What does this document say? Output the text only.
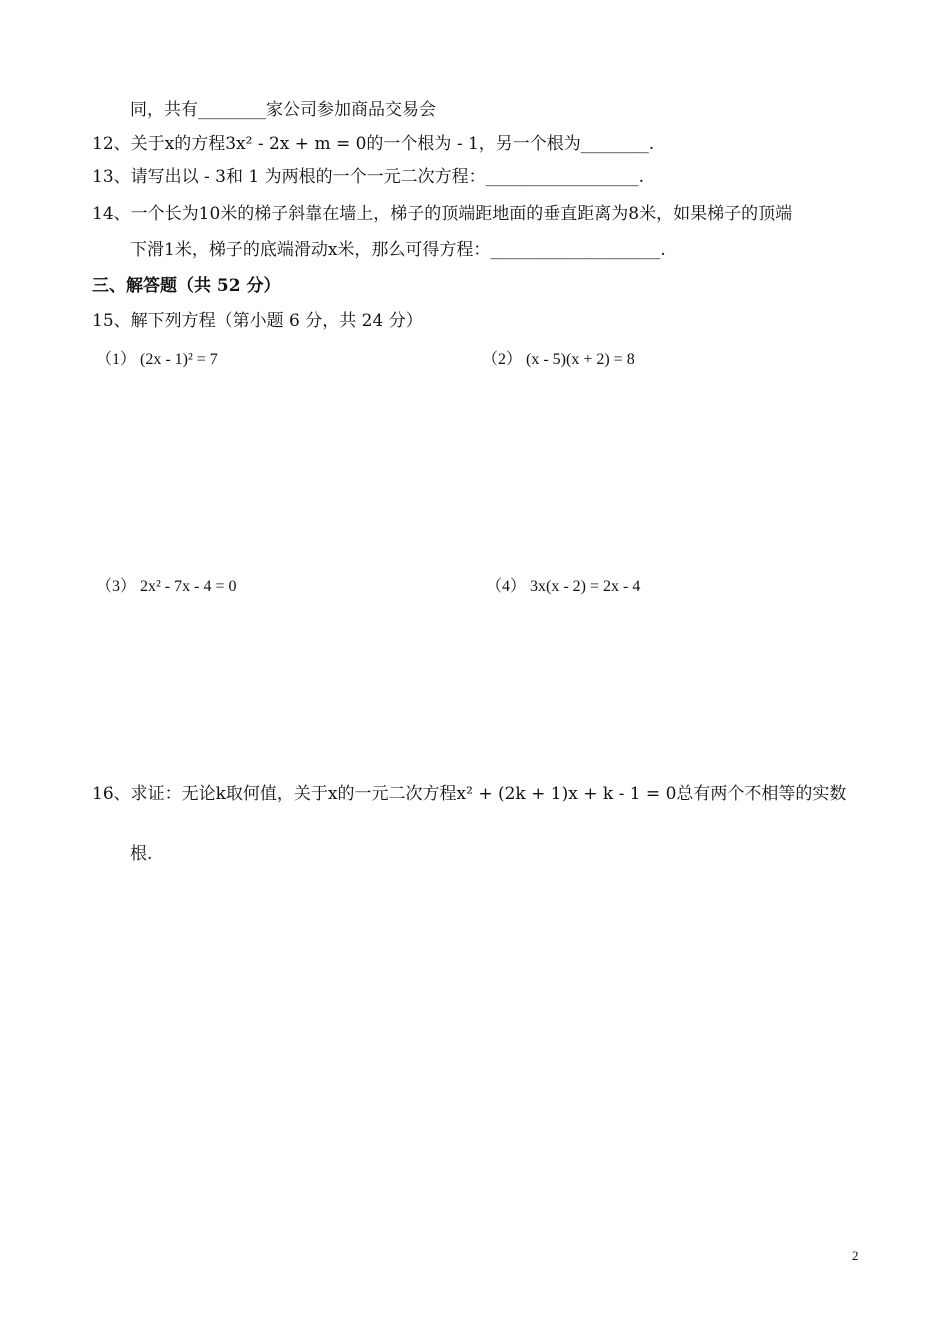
同，共有________家公司参加商品交易会
12、关于x的方程3x² - 2x + m = 0的一个根为 - 1，另一个根为________.
13、请写出以 - 3和 1 为两根的一个一元二次方程：__________________.
14、一个长为10米的梯子斜靠在墙上，梯子的顶端距地面的垂直距离为8米，如果梯子的顶端
下滑1米，梯子的底端滑动x米，那么可得方程：____________________.
三、解答题（共 52 分）
15、解下列方程（第小题 6 分，共 24 分）
（1） (2x - 1)² = 7	（2） (x - 5)(x + 2) = 8
（3） 2x² - 7x - 4 = 0	（4） 3x(x - 2) = 2x - 4
16、求证：无论k取何值，关于x的一元二次方程x² + (2k + 1)x + k - 1 = 0总有两个不相等的实数
根.
2
